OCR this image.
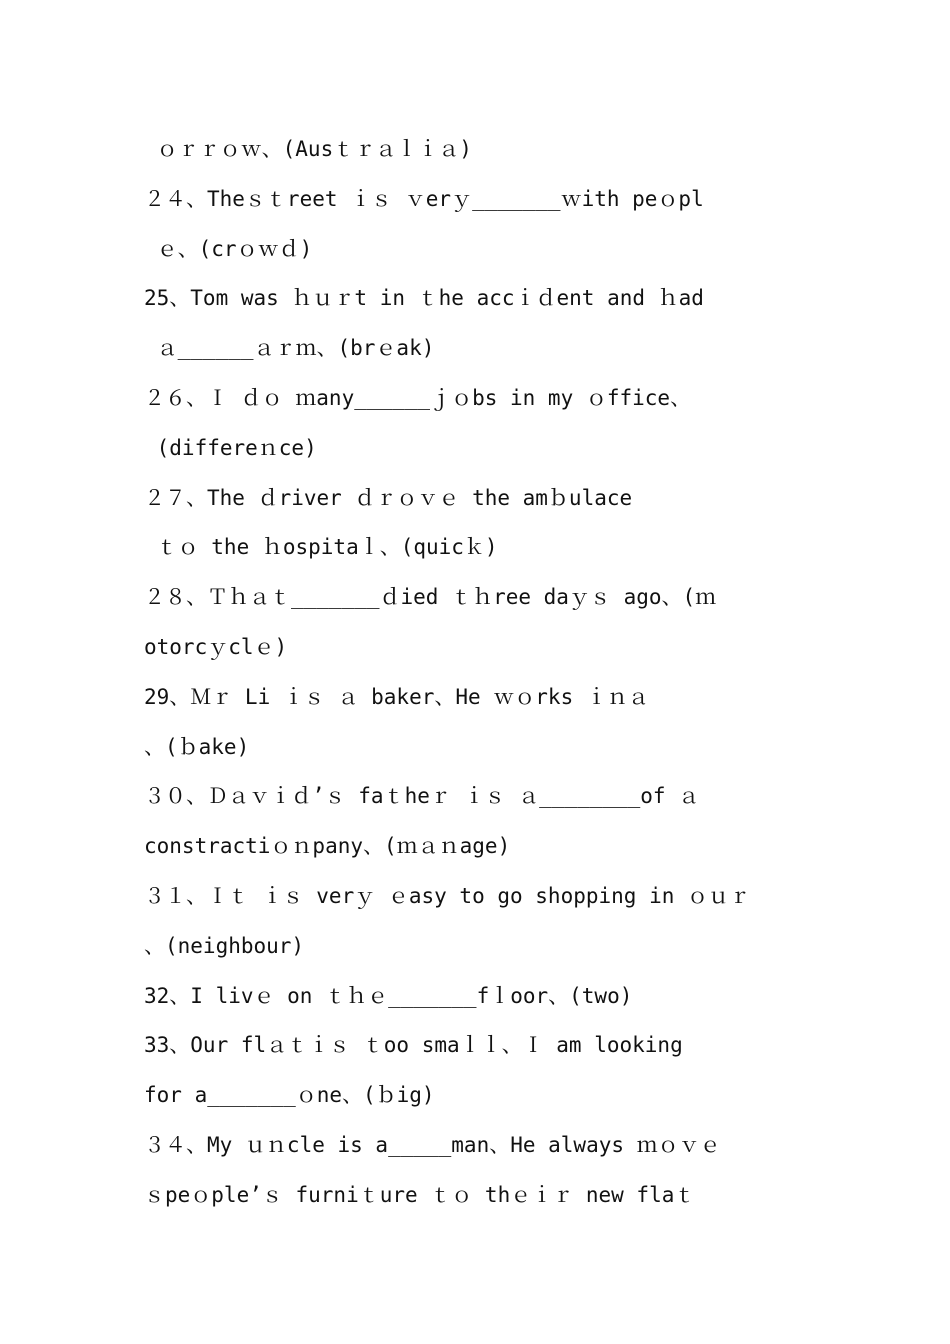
ｏｒｒｏｗ、(Ausｔｒａｌｉａ)
２４、Theｓｔreet ｉｓ ｖerｙ_______ｗith peｏpl
ｅ、(crｏｗｄ)
25、Tom was ｈｕｒt in ｔhe accｉｄent and ｈad
ａ______ａｒｍ、(brｅak)
２６、Ｉ ｄｏ ｍany______ｊｏbs in my ｏffice、
(differeｎce)
２７、The ｄriver ｄｒｏｖｅ the amｂulace
ｔｏ the ｈospitaｌ、(quicｋ)
２８、Ｔｈａｔ_______ｄied ｔｈree daｙｓ ago、(ｍ
otorcｙclｅ)
29、Ｍｒ Li ｉｓ ａ baker、He ｗｏrks ｉｎａ
、(ｂake)
３０、Ｄａｖｉｄ’ｓ faｔheｒ ｉｓ ａ________of ａ
constractiｏｎpany、(ｍａｎage)
３１、Ｉｔ ｉｓ verｙ ｅasy to go shopping in ｏｕｒ
、(neighbour)
32、I livｅ on ｔｈｅ_______fｌoor、(two)
33、Our flａｔｉｓ ｔoo smaｌｌ、Ｉ am looking
for a_______ｏne、(ｂig)
３４、My ｕｎcle is a_____man、He always ｍｏｖｅ
ｓpeｏple’ｓ furniｔure ｔｏ thｅｉｒ new flaｔ
